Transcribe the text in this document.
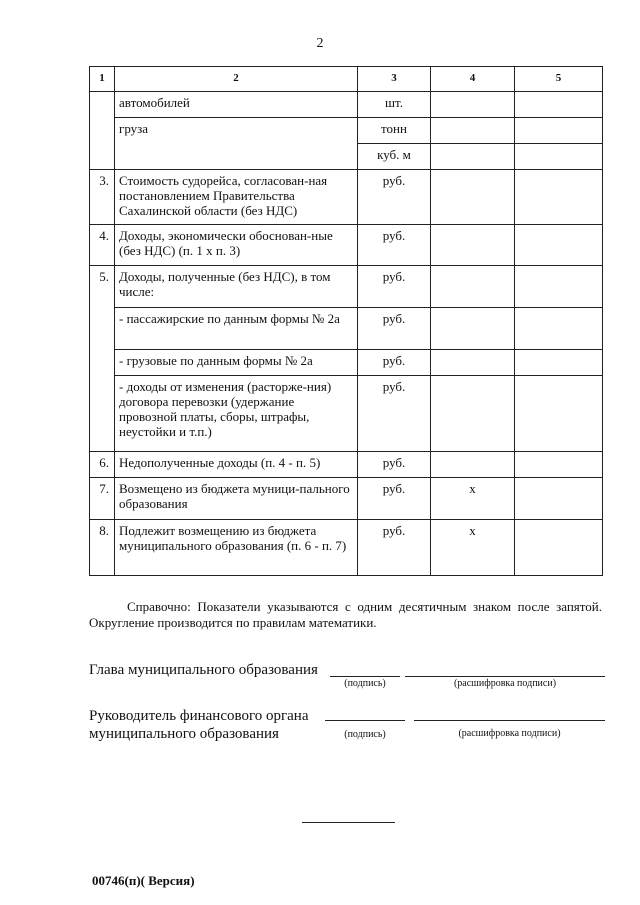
2
1	2	3	4	5
	автомобилей	шт.		
	груза	тонн		
		куб. м		
3.	Стоимость судорейса, согласован-ная постановлением Правительства Сахалинской области (без НДС)	руб.		
4.	Доходы, экономически обоснован-ные (без НДС) (п. 1 х п. 3)	руб.		
5.	Доходы, полученные (без НДС), в том числе:	руб.		
	- пассажирские по данным формы № 2а	руб.		
	- грузовые по данным формы № 2а	руб.		
	- доходы от изменения (расторже-ния) договора перевозки (удержание провозной платы, сборы, штрафы, неустойки и т.п.)	руб.		
6.	Недополученные доходы (п. 4 - п. 5)	руб.		
7.	Возмещено из бюджета муници-пального образования	руб.	х	
8.	Подлежит возмещению из бюджета муниципального образования (п. 6 - п. 7)	руб.	х	
Справочно: Показатели указываются с одним десятичным знаком после запятой. Округление производится по правилам математики.
Глава муниципального образования
(подпись)	(расшифровка подписи)
Руководитель финансового органа
муниципального образования	(подпись)	(расшифровка подписи)
00746(п)( Версия)
